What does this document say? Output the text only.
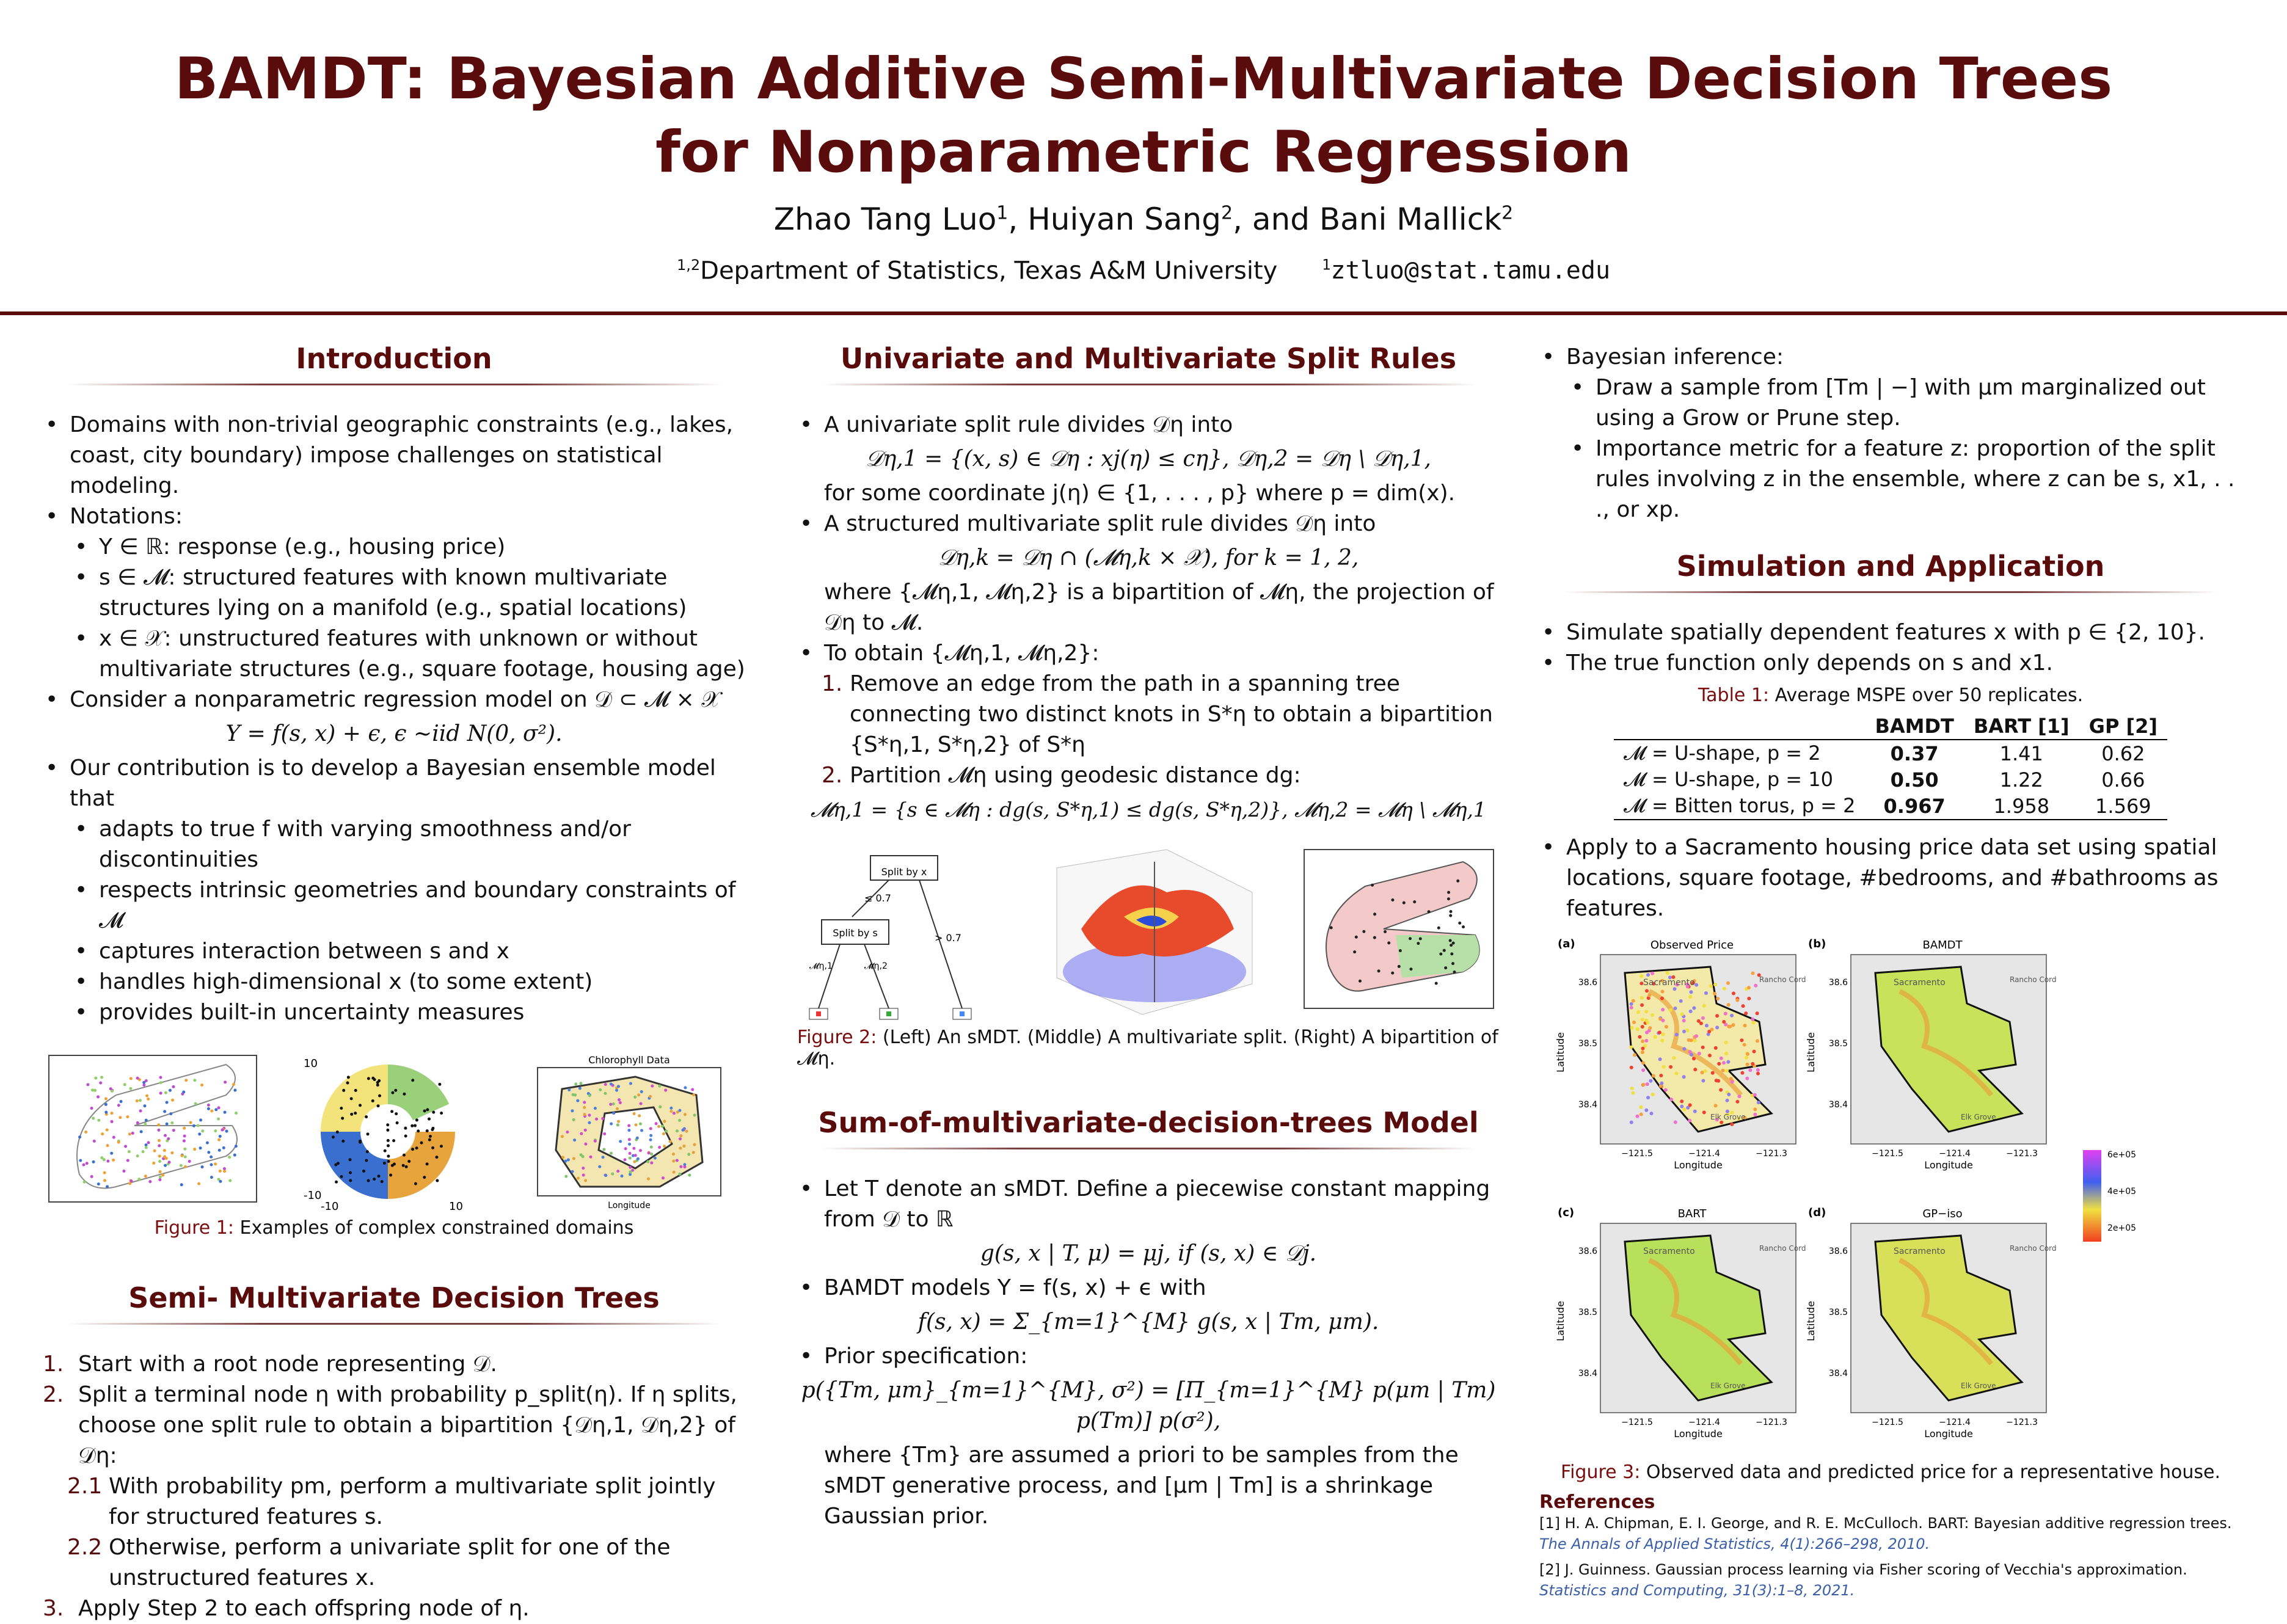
BAMDT: Bayesian Additive Semi-Multivariate Decision Trees
for Nonparametric Regression
Zhao Tang Luo$^1$, Huiyan Sang$^2$, and Bani Mallick$^2$
$^{1,2}$Department of Statistics, Texas A&M University	$^1$ztluo@stat.tamu.edu
Introduction
• Domains with non-trivial geographic constraints (e.g., lakes, coast, city boundary) impose challenges on statistical modeling.
• Notations:
• Y ∈ ℝ: response (e.g., housing price)
• s ∈ 𝓜: structured features with known multivariate structures lying on a manifold (e.g., spatial locations)
• x ∈ 𝒳: unstructured features with unknown or without multivariate structures (e.g., square footage, housing age)
• Consider a nonparametric regression model on 𝒟 ⊂ 𝓜 × 𝒳
Y = f(s, x) + ϵ, ϵ ~iid N(0, σ²).
• Our contribution is to develop a Bayesian ensemble model that
• adapts to true f with varying smoothness and/or discontinuities
• respects intrinsic geometries and boundary constraints of 𝓜
• captures interaction between s and x
• handles high-dimensional x (to some extent)
• provides built-in uncertainty measures
10
-10
-10	10
Chlorophyll Data
Longitude
Figure 1: Examples of complex constrained domains
Semi- Multivariate Decision Trees
1. Start with a root node representing 𝒟.
2. Split a terminal node η with probability p_split(η). If η splits, choose one split rule to obtain a bipartition {𝒟η,1, 𝒟η,2} of 𝒟η:
2.1 With probability pm, perform a multivariate split jointly for structured features s.
2.2 Otherwise, perform a univariate split for one of the unstructured features x.
3. Apply Step 2 to each offspring node of η.
Univariate and Multivariate Split Rules
• A univariate split rule divides 𝒟η into
𝒟η,1 = {(x, s) ∈ 𝒟η : xj(η) ≤ cη}, 𝒟η,2 = 𝒟η \ 𝒟η,1,
for some coordinate j(η) ∈ {1, . . . , p} where p = dim(x).
• A structured multivariate split rule divides 𝒟η into
𝒟η,k = 𝒟η ∩ (𝓜η,k × 𝒳), for k = 1, 2,
where {𝓜η,1, 𝓜η,2} is a bipartition of 𝓜η, the projection of 𝒟η to 𝓜.
• To obtain {𝓜η,1, 𝓜η,2}:
1. Remove an edge from the path in a spanning tree connecting two distinct knots in S*η to obtain a bipartition {S*η,1, S*η,2} of S*η
2. Partition 𝓜η using geodesic distance dg:
𝓜η,1 = {s ∈ 𝓜η : dg(s, S*η,1) ≤ dg(s, S*η,2)}, 𝓜η,2 = 𝓜η \ 𝓜η,1
Split by x
≤ 0.7
> 0.7
Split by s
𝓜η,1	𝓜η,2
Figure 2: (Left) An sMDT. (Middle) A multivariate split. (Right) A bipartition of 𝓜η.
Sum-of-multivariate-decision-trees Model
• Let T denote an sMDT. Define a piecewise constant mapping from 𝒟 to ℝ
g(s, x | T, μ) = μj, if (s, x) ∈ 𝒟j.
• BAMDT models Y = f(s, x) + ϵ with
f(s, x) = Σ_{m=1}^{M} g(s, x | Tm, μm).
• Prior specification:
p({Tm, μm}_{m=1}^{M}, σ²) = [Π_{m=1}^{M} p(μm | Tm) p(Tm)] p(σ²),
where {Tm} are assumed a priori to be samples from the sMDT generative process, and [μm | Tm] is a shrinkage Gaussian prior.
• Bayesian inference:
• Draw a sample from [Tm | −] with μm marginalized out using a Grow or Prune step.
• Importance metric for a feature z: proportion of the split rules involving z in the ensemble, where z can be s, x1, . . ., or xp.
Simulation and Application
• Simulate spatially dependent features x with p ∈ {2, 10}.
• The true function only depends on s and x1.
Table 1: Average MSPE over 50 replicates.
	BAMDT	BART [1]	GP [2]
𝓜 = U-shape, p = 2	0.37	1.41	0.62
𝓜 = U-shape, p = 10	0.50	1.22	0.66
𝓜 = Bitten torus, p = 2	0.967	1.958	1.569
• Apply to a Sacramento housing price data set using spatial locations, square footage, #bedrooms, and #bathrooms as features.
(a)	Observed Price
Sacramento	Rancho Cord
Elk Grove
38.6
38.5
38.4
−121.5	−121.4	−121.3
Longitude
Latitude
(b)	BAMDT
Sacramento	Rancho Cord
Elk Grove
38.6
38.5
38.4
−121.5	−121.4	−121.3
Longitude
Latitude
(c)	BART
Sacramento	Rancho Cord
Elk Grove
38.6
38.5
38.4
−121.5	−121.4	−121.3
Longitude
Latitude
(d)	GP−iso
Sacramento	Rancho Cord
Elk Grove
38.6
38.5
38.4
−121.5	−121.4	−121.3
Longitude
Latitude
6e+05
4e+05
2e+05
Figure 3: Observed data and predicted price for a representative house.
References
[1] H. A. Chipman, E. I. George, and R. E. McCulloch. BART: Bayesian additive regression trees. The Annals of Applied Statistics, 4(1):266–298, 2010.
[2] J. Guinness. Gaussian process learning via Fisher scoring of Vecchia's approximation. Statistics and Computing, 31(3):1–8, 2021.
